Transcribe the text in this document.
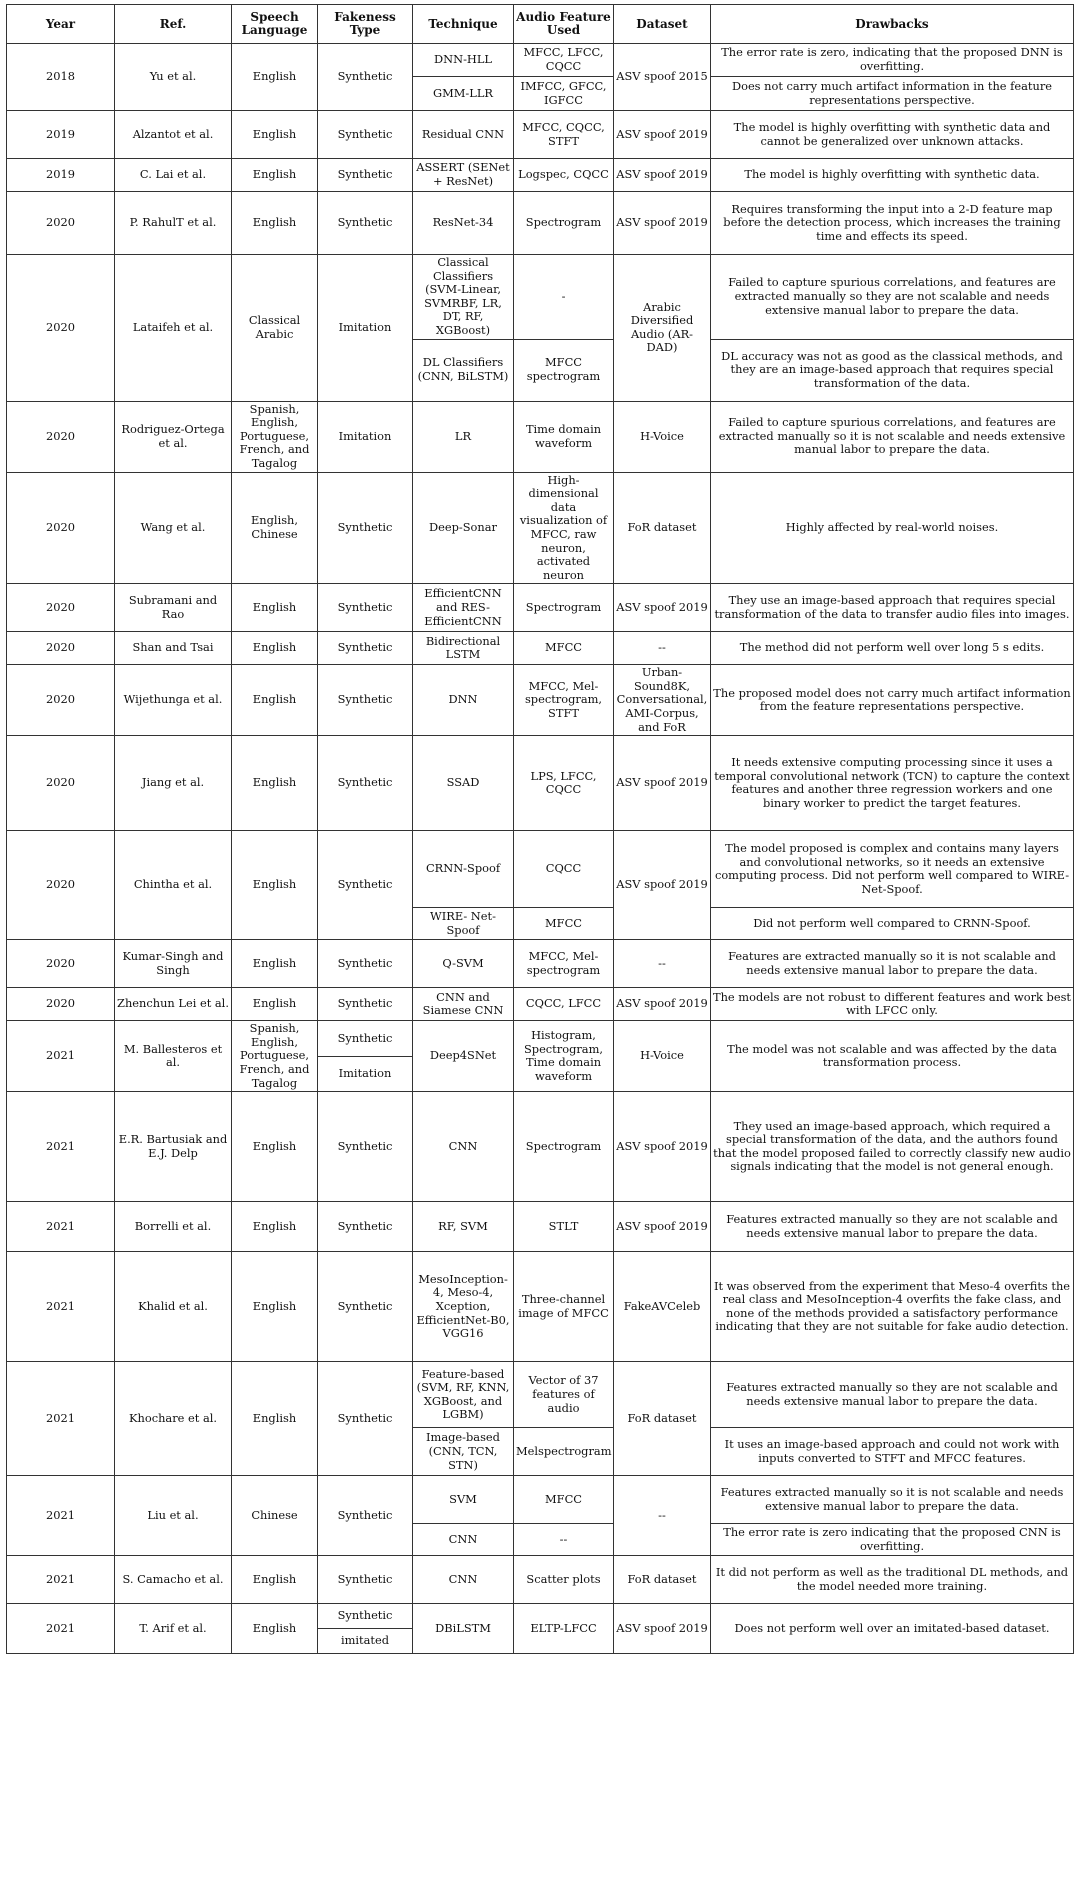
Year	Ref.	Speech Language	Fakeness Type	Technique	Audio Feature Used	Dataset	Drawbacks
2018	Yu et al.	English	Synthetic	DNN-HLL	MFCC, LFCC, CQCC	ASV spoof 2015	The error rate is zero, indicating that the proposed DNN is overfitting.
				GMM-LLR	IMFCC, GFCC, IGFCC		Does not carry much artifact information in the feature representations perspective.
2019	Alzantot et al.	English	Synthetic	Residual CNN	MFCC, CQCC, STFT	ASV spoof 2019	The model is highly overfitting with synthetic data and cannot be generalized over unknown attacks.
2019	C. Lai et al.	English	Synthetic	ASSERT (SENet + ResNet)	Logspec, CQCC	ASV spoof 2019	The model is highly overfitting with synthetic data.
2020	P. RahulT et al.	English	Synthetic	ResNet-34	Spectrogram	ASV spoof 2019	Requires transforming the input into a 2-D feature map before the detection process, which increases the training time and effects its speed.
2020	Lataifeh et al.	Classical Arabic	Imitation	Classical Classifiers (SVM-Linear, SVMRBF, LR, DT, RF, XGBoost)	-	Arabic Diversified Audio (AR-DAD)	Failed to capture spurious correlations, and features are extracted manually so they are not scalable and needs extensive manual labor to prepare the data.
				DL Classifiers (CNN, BiLSTM)	MFCC spectrogram		DL accuracy was not as good as the classical methods, and they are an image-based approach that requires special transformation of the data.
2020	Rodriguez-Ortega et al.	Spanish, English, Portuguese, French, and Tagalog	Imitation	LR	Time domain waveform	H-Voice	Failed to capture spurious correlations, and features are extracted manually so it is not scalable and needs extensive manual labor to prepare the data.
2020	Wang et al.	English, Chinese	Synthetic	Deep-Sonar	High-dimensional data visualization of MFCC, raw neuron, activated neuron	FoR dataset	Highly affected by real-world noises.
2020	Subramani and Rao	English	Synthetic	EfficientCNN and RES-EfficientCNN	Spectrogram	ASV spoof 2019	They use an image-based approach that requires special transformation of the data to transfer audio files into images.
2020	Shan and Tsai	English	Synthetic	Bidirectional LSTM	MFCC	--	The method did not perform well over long 5 s edits.
2020	Wijethunga et al.	English	Synthetic	DNN	MFCC, Mel-spectrogram, STFT	Urban-Sound8K, Conversational, AMI-Corpus, and FoR	The proposed model does not carry much artifact information from the feature representations perspective.
2020	Jiang et al.	English	Synthetic	SSAD	LPS, LFCC, CQCC	ASV spoof 2019	It needs extensive computing processing since it uses a temporal convolutional network (TCN) to capture the context features and another three regression workers and one binary worker to predict the target features.
2020	Chintha et al.	English	Synthetic	CRNN-Spoof	CQCC	ASV spoof 2019	The model proposed is complex and contains many layers and convolutional networks, so it needs an extensive computing process. Did not perform well compared to WIRE-Net-Spoof.
				WIRE- Net-Spoof	MFCC		Did not perform well compared to CRNN-Spoof.
2020	Kumar-Singh and Singh	English	Synthetic	Q-SVM	MFCC, Mel-spectrogram	--	Features are extracted manually so it is not scalable and needs extensive manual labor to prepare the data.
2020	Zhenchun Lei et al.	English	Synthetic	CNN and Siamese CNN	CQCC, LFCC	ASV spoof 2019	The models are not robust to different features and work best with LFCC only.
2021	M. Ballesteros et al.	Spanish, English, Portuguese, French, and Tagalog	Synthetic	Deep4SNet	Histogram, Spectrogram, Time domain waveform	H-Voice	The model was not scalable and was affected by the data transformation process.
			Imitation				
2021	E.R. Bartusiak and E.J. Delp	English	Synthetic	CNN	Spectrogram	ASV spoof 2019	They used an image-based approach, which required a special transformation of the data, and the authors found that the model proposed failed to correctly classify new audio signals indicating that the model is not general enough.
2021	Borrelli et al.	English	Synthetic	RF, SVM	STLT	ASV spoof 2019	Features extracted manually so they are not scalable and needs extensive manual labor to prepare the data.
2021	Khalid et al.	English	Synthetic	MesoInception-4, Meso-4, Xception, EfficientNet-B0, VGG16	Three-channel image of MFCC	FakeAVCeleb	It was observed from the experiment that Meso-4 overfits the real class and MesoInception-4 overfits the fake class, and none of the methods provided a satisfactory performance indicating that they are not suitable for fake audio detection.
2021	Khochare et al.	English	Synthetic	Feature-based (SVM, RF, KNN, XGBoost, and LGBM)	Vector of 37 features of audio	FoR dataset	Features extracted manually so they are not scalable and needs extensive manual labor to prepare the data.
				Image-based (CNN, TCN, STN)	Melspectrogram		It uses an image-based approach and could not work with inputs converted to STFT and MFCC features.
2021	Liu et al.	Chinese	Synthetic	SVM	MFCC	--	Features extracted manually so it is not scalable and needs extensive manual labor to prepare the data.
				CNN	--		The error rate is zero indicating that the proposed CNN is overfitting.
2021	S. Camacho et al.	English	Synthetic	CNN	Scatter plots	FoR dataset	It did not perform as well as the traditional DL methods, and the model needed more training.
2021	T. Arif et al.	English	Synthetic	DBiLSTM	ELTP-LFCC	ASV spoof 2019	Does not perform well over an imitated-based dataset.
			imitated				
